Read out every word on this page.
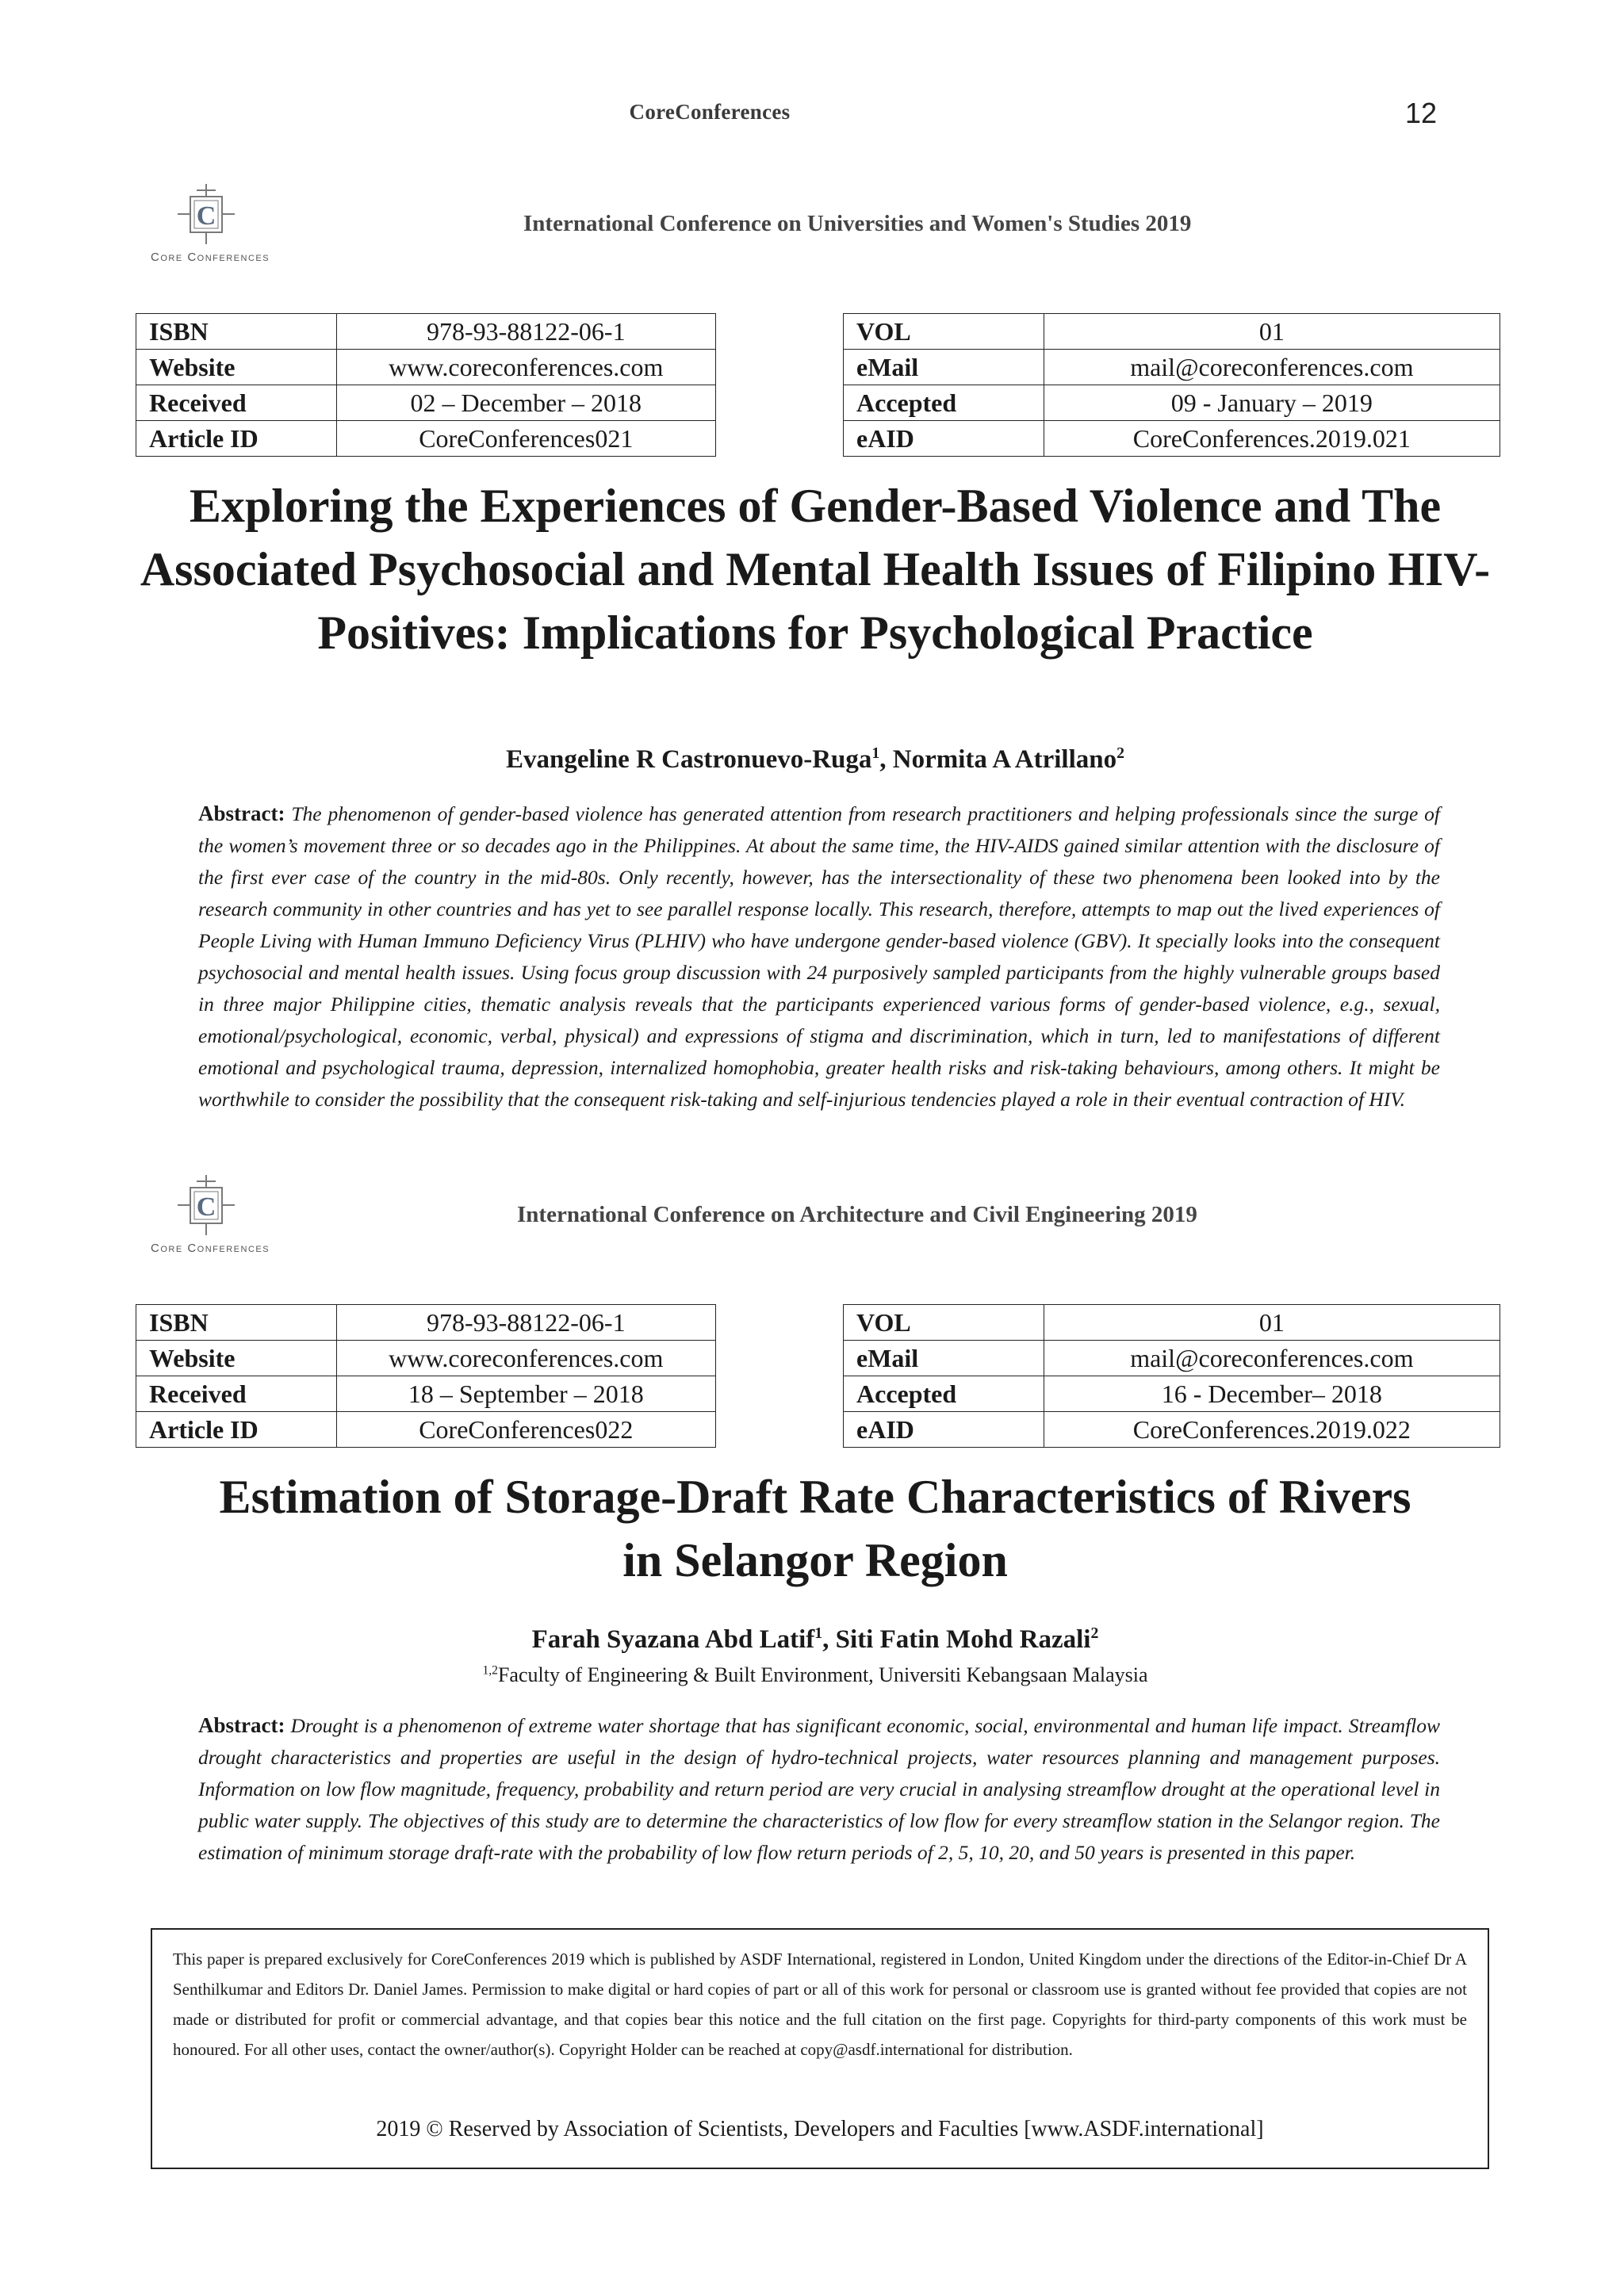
CoreConferences	12
C
Core Conferences
International Conference on Universities and Women's Studies 2019
ISBN	978-93-88122-06-1
Website	www.coreconferences.com
Received	02 – December – 2018
Article ID	CoreConferences021
VOL	01
eMail	mail@coreconferences.com
Accepted	09 - January – 2019
eAID	CoreConferences.2019.021
Exploring the Experiences of Gender-Based Violence and The Associated Psychosocial and Mental Health Issues of Filipino HIV-Positives: Implications for Psychological Practice
Evangeline R Castronuevo-Ruga$^1$, Normita A Atrillano$^2$
Abstract: The phenomenon of gender-based violence has generated attention from research practitioners and helping professionals since the surge of the women’s movement three or so decades ago in the Philippines. At about the same time, the HIV-AIDS gained similar attention with the disclosure of the first ever case of the country in the mid-80s. Only recently, however, has the intersectionality of these two phenomena been looked into by the research community in other countries and has yet to see parallel response locally. This research, therefore, attempts to map out the lived experiences of People Living with Human Immuno Deficiency Virus (PLHIV) who have undergone gender-based violence (GBV). It specially looks into the consequent psychosocial and mental health issues. Using focus group discussion with 24 purposively sampled participants from the highly vulnerable groups based in three major Philippine cities, thematic analysis reveals that the participants experienced various forms of gender-based violence, e.g., sexual, emotional/psychological, economic, verbal, physical) and expressions of stigma and discrimination, which in turn, led to manifestations of different emotional and psychological trauma, depression, internalized homophobia, greater health risks and risk-taking behaviours, among others. It might be worthwhile to consider the possibility that the consequent risk-taking and self-injurious tendencies played a role in their eventual contraction of HIV.
C
Core Conferences
International Conference on Architecture and Civil Engineering 2019
ISBN	978-93-88122-06-1
Website	www.coreconferences.com
Received	18 – September – 2018
Article ID	CoreConferences022
VOL	01
eMail	mail@coreconferences.com
Accepted	16 - December– 2018
eAID	CoreConferences.2019.022
Estimation of Storage-Draft Rate Characteristics of Rivers in Selangor Region
Farah Syazana Abd Latif$^1$, Siti Fatin Mohd Razali$^2$
$^{1,2}$Faculty of Engineering & Built Environment, Universiti Kebangsaan Malaysia
Abstract: Drought is a phenomenon of extreme water shortage that has significant economic, social, environmental and human life impact. Streamflow drought characteristics and properties are useful in the design of hydro-technical projects, water resources planning and management purposes. Information on low flow magnitude, frequency, probability and return period are very crucial in analysing streamflow drought at the operational level in public water supply. The objectives of this study are to determine the characteristics of low flow for every streamflow station in the Selangor region. The estimation of minimum storage draft-rate with the probability of low flow return periods of 2, 5, 10, 20, and 50 years is presented in this paper.
This paper is prepared exclusively for CoreConferences 2019 which is published by ASDF International, registered in London, United Kingdom under the directions of the Editor-in-Chief Dr A Senthilkumar and Editors Dr. Daniel James. Permission to make digital or hard copies of part or all of this work for personal or classroom use is granted without fee provided that copies are not made or distributed for profit or commercial advantage, and that copies bear this notice and the full citation on the first page. Copyrights for third-party components of this work must be honoured. For all other uses, contact the owner/author(s). Copyright Holder can be reached at copy@asdf.international for distribution.
2019 © Reserved by Association of Scientists, Developers and Faculties [www.ASDF.international]
